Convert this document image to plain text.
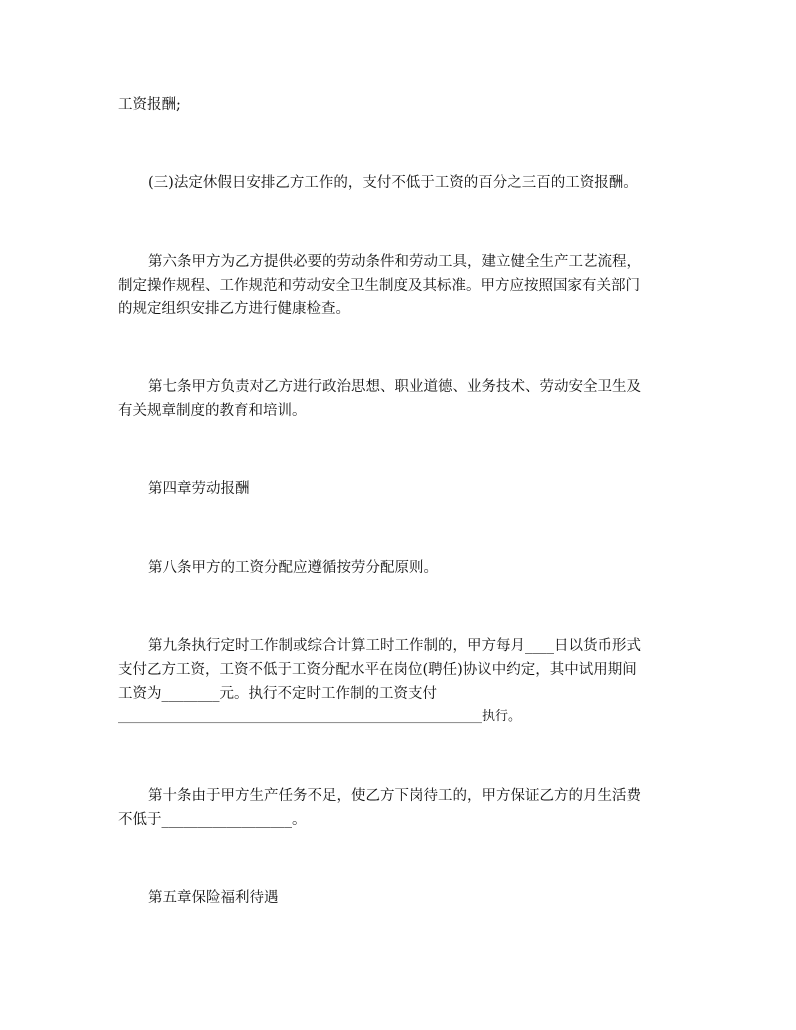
工资报酬;
(三)法定休假日安排乙方工作的，支付不低于工资的百分之三百的工资报酬。
第六条甲方为乙方提供必要的劳动条件和劳动工具，建立健全生产工艺流程，
制定操作规程、工作规范和劳动安全卫生制度及其标准。甲方应按照国家有关部门
的规定组织安排乙方进行健康检查。
第七条甲方负责对乙方进行政治思想、职业道德、业务技术、劳动安全卫生及
有关规章制度的教育和培训。
第四章劳动报酬
第八条甲方的工资分配应遵循按劳分配原则。
第九条执行定时工作制或综合计算工时工作制的，甲方每月____日以货币形式
支付乙方工资，工资不低于工资分配水平在岗位(聘任)协议中约定，其中试用期间
工资为________元。执行不定时工作制的工资支付
________________________________________________________执行。
第十条由于甲方生产任务不足，使乙方下岗待工的，甲方保证乙方的月生活费
不低于__________________。
第五章保险福利待遇
